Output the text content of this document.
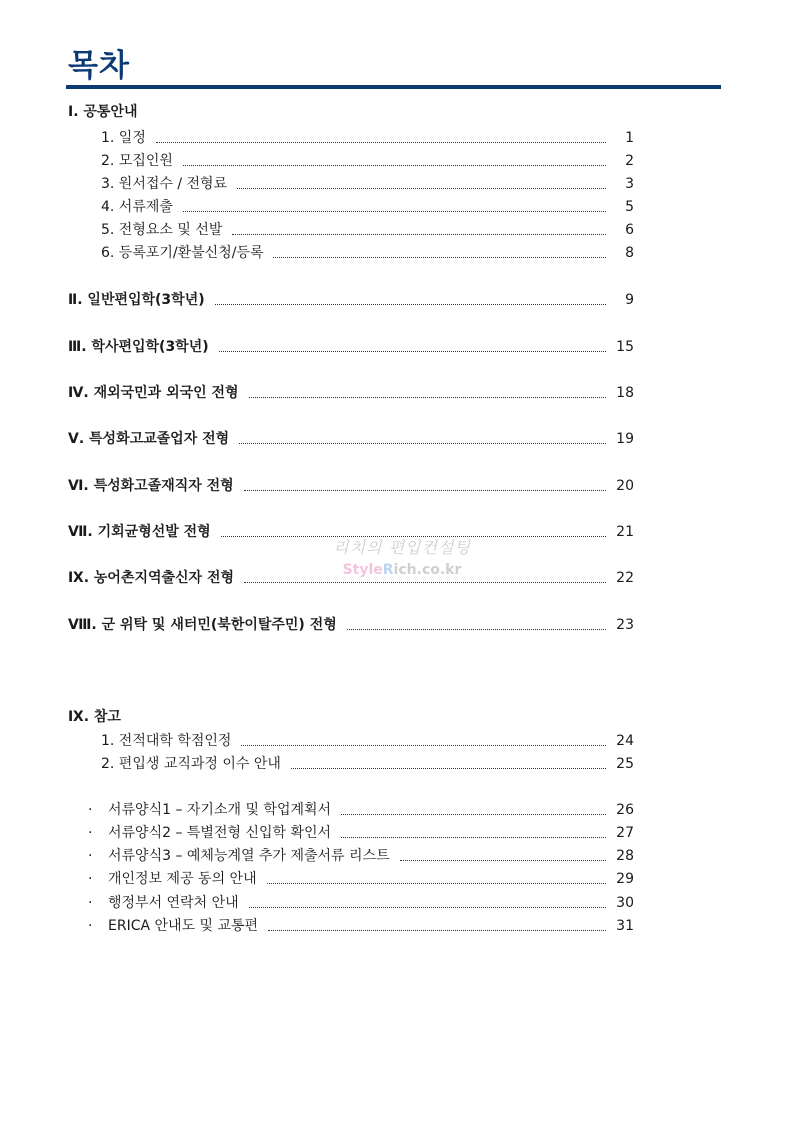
목차
Ⅰ. 공통안내
1. 일정	1
2. 모집인원	2
3. 원서접수 / 전형료	3
4. 서류제출	5
5. 전형요소 및 선발	6
6. 등록포기/환불신청/등록	8
Ⅱ. 일반편입학(3학년)	9
Ⅲ. 학사편입학(3학년)	15
Ⅳ. 재외국민과 외국인 전형	18
Ⅴ. 특성화고교졸업자 전형	19
Ⅵ. 특성화고졸재직자 전형	20
Ⅶ. 기회균형선발 전형	21
Ⅸ. 농어촌지역출신자 전형	22
Ⅷ. 군 위탁 및 새터민(북한이탈주민) 전형	23
리치의 편입컨설팅
StyleRich.co.kr
Ⅸ. 참고
1. 전적대학 학점인정	24
2. 편입생 교직과정 이수 안내	25
·	서류양식1 – 자기소개 및 학업계획서	26
·	서류양식2 – 특별전형 신입학 확인서	27
·	서류양식3 – 예체능계열 추가 제출서류 리스트	28
·	개인정보 제공 동의 안내	29
·	행정부서 연락처 안내	30
·	ERICA 안내도 및 교통편	31
